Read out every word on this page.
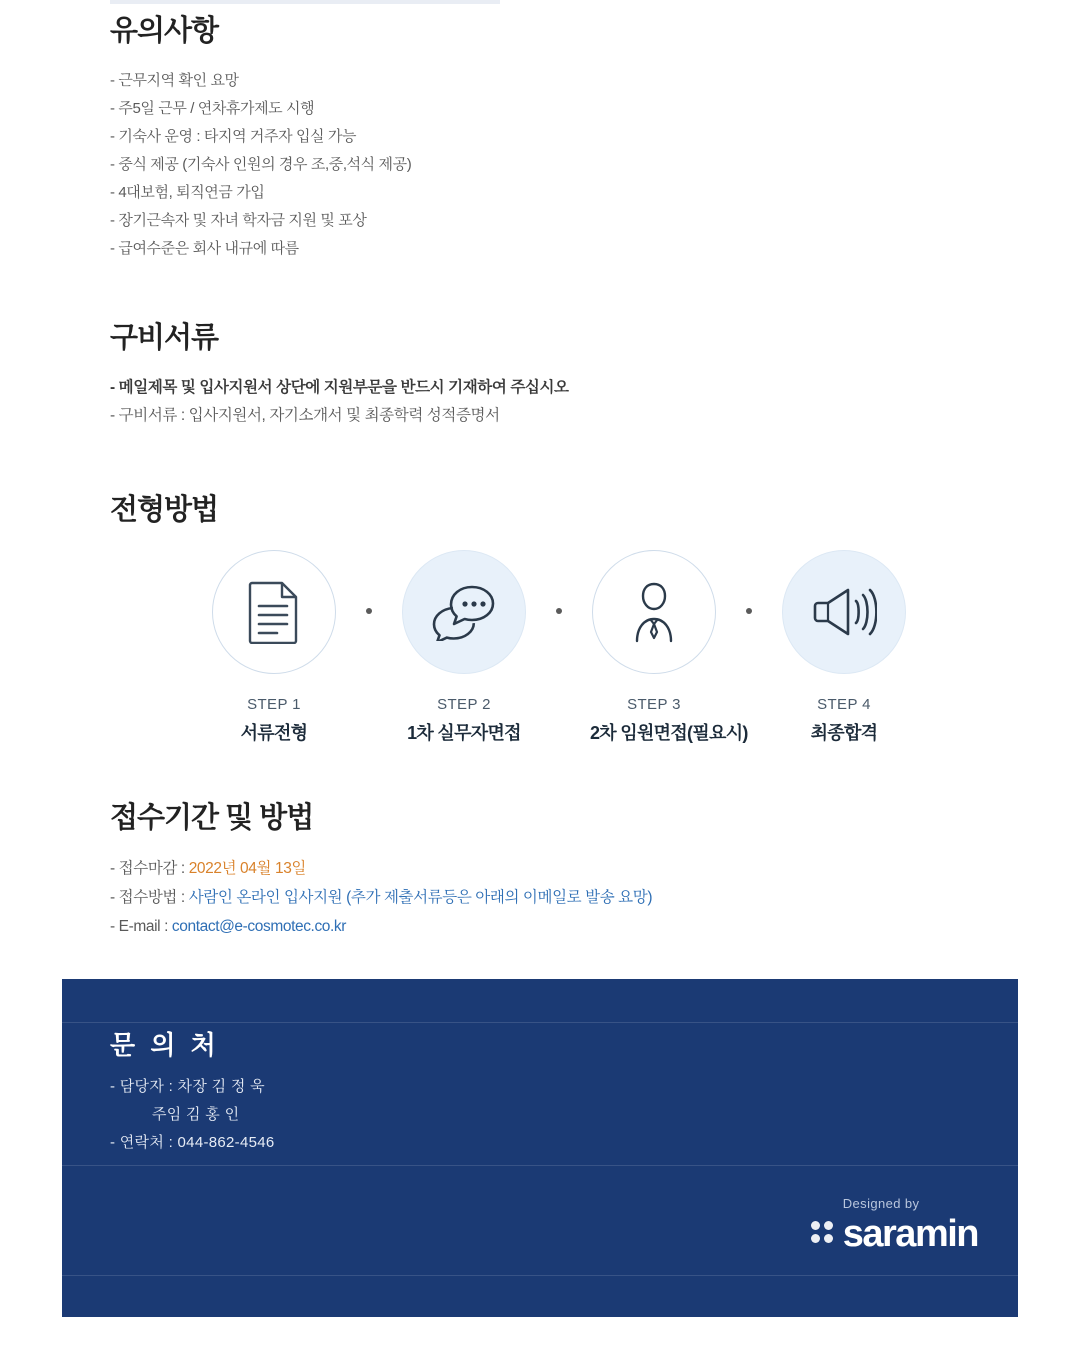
유의사항
- 근무지역 확인 요망
- 주5일 근무 / 연차휴가제도 시행
- 기숙사 운영 : 타지역 거주자 입실 가능
- 중식 제공 (기숙사 인원의 경우 조,중,석식 제공)
- 4대보험, 퇴직연금 가입
- 장기근속자 및 자녀 학자금 지원 및 포상
- 급여수준은 회사 내규에 따름
구비서류
- 메일제목 및 입사지원서 상단에 지원부문을 반드시 기재하여 주십시오
- 구비서류 : 입사지원서, 자기소개서 및 최종학력 성적증명서
전형방법
STEP 1
서류전형
STEP 2
1차 실무자면접
STEP 3
2차 임원면접(필요시)
STEP 4
최종합격
접수기간 및 방법
- 접수마감 : 2022년 04월 13일
- 접수방법 : 사람인 온라인 입사지원 (추가 제출서류등은 아래의 이메일로 발송 요망)
- E-mail : contact@e-cosmotec.co.kr
문 의 처
- 담당자 : 차장 김 정 욱
주임 김 홍 인
- 연락처 : 044-862-4546
Designed by
saramin
